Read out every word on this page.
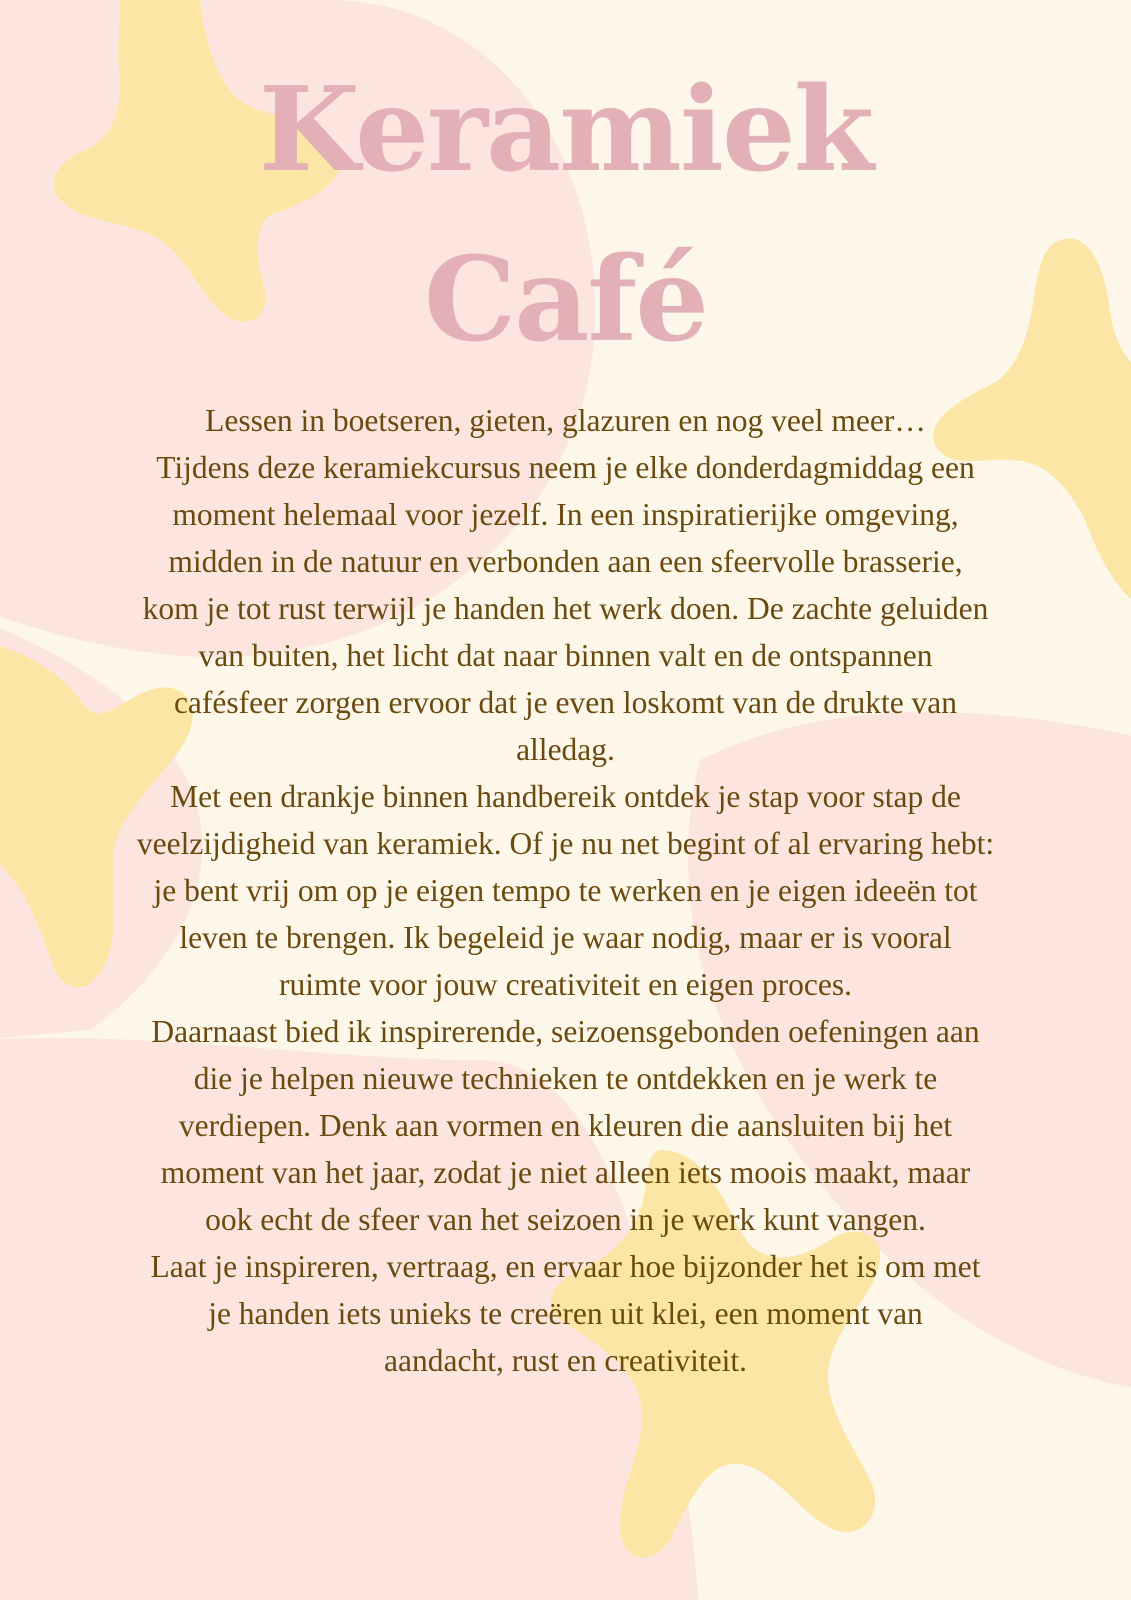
Keramiek
Café

Lessen in boetseren, gieten, glazuren en nog veel meer…
Tijdens deze keramiekcursus neem je elke donderdagmiddag een
moment helemaal voor jezelf. In een inspiratierijke omgeving,
midden in de natuur en verbonden aan een sfeervolle brasserie,
kom je tot rust terwijl je handen het werk doen. De zachte geluiden
van buiten, het licht dat naar binnen valt en de ontspannen
cafésfeer zorgen ervoor dat je even loskomt van de drukte van
alledag.
Met een drankje binnen handbereik ontdek je stap voor stap de
veelzijdigheid van keramiek. Of je nu net begint of al ervaring hebt:
je bent vrij om op je eigen tempo te werken en je eigen ideeën tot
leven te brengen. Ik begeleid je waar nodig, maar er is vooral
ruimte voor jouw creativiteit en eigen proces.
Daarnaast bied ik inspirerende, seizoensgebonden oefeningen aan
die je helpen nieuwe technieken te ontdekken en je werk te
verdiepen. Denk aan vormen en kleuren die aansluiten bij het
moment van het jaar, zodat je niet alleen iets moois maakt, maar
ook echt de sfeer van het seizoen in je werk kunt vangen.
Laat je inspireren, vertraag, en ervaar hoe bijzonder het is om met
je handen iets unieks te creëren uit klei, een moment van
aandacht, rust en creativiteit.
